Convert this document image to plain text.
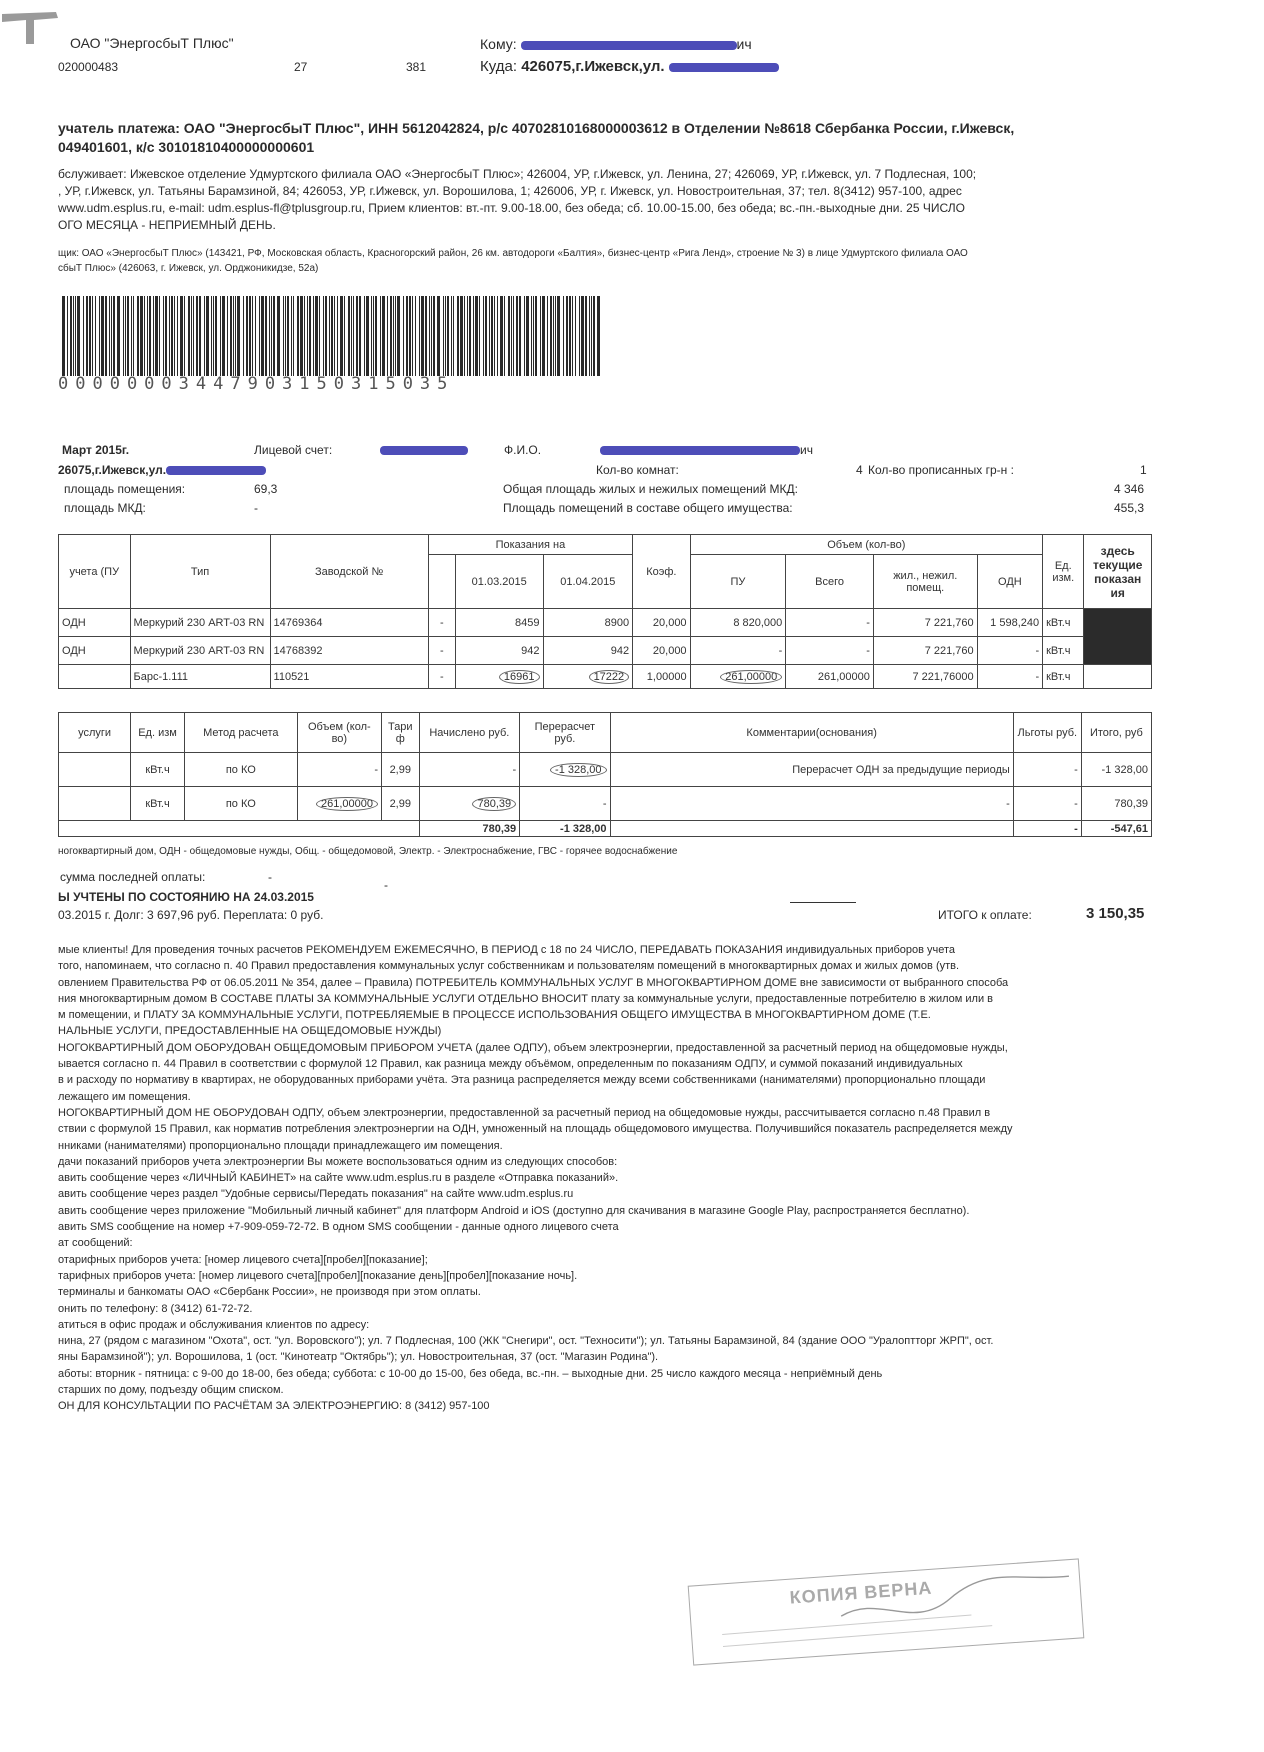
ОАО "ЭнергосбыТ Плюс"
020000483	27	381
Кому:	ич
Куда: 426075,г.Ижевск,ул.
учатель платежа: ОАО "ЭнергосбыТ Плюс", ИНН 5612042824, р/с 40702810168000003612 в Отделении №8618 Сбербанка России, г.Ижевск,
049401601, к/с 30101810400000000601
бслуживает: Ижевское отделение Удмуртского филиала ОАО «ЭнергосбыТ Плюс»; 426004, УР, г.Ижевск, ул. Ленина, 27; 426069, УР, г.Ижевск, ул. 7 Подлесная, 100;
, УР, г.Ижевск, ул. Татьяны Барамзиной, 84; 426053, УР, г.Ижевск, ул. Ворошилова, 1; 426006, УР, г. Ижевск, ул. Новостроительная, 37; тел. 8(3412) 957-100, адрес
www.udm.esplus.ru, e-mail: udm.esplus-fl@tplusgroup.ru, Прием клиентов: вт.-пт. 9.00-18.00, без обеда; сб. 10.00-15.00, без обеда; вс.-пн.-выходные дни. 25 ЧИСЛО
ОГО МЕСЯЦА - НЕПРИЕМНЫЙ ДЕНЬ.
щик: ОАО «ЭнергосбыТ Плюс» (143421, РФ, Московская область, Красногорский район, 26 км. автодороги «Балтия», бизнес-центр «Рига Ленд», строение № 3) в лице Удмуртского филиала ОАО
сбыТ Плюс» (426063, г. Ижевск, ул. Орджоникидзе, 52а)
00000003447903150315035
Март 2015г.	Лицевой счет:	Ф.И.О.	ич
26075,г.Ижевск,ул.	Кол-во комнат:	4 Кол-во прописанных гр-н :	1
площадь помещения:	69,3	Общая площадь жилых и нежилых помещений МКД:	4 346
площадь МКД:	-	Площадь помещений в составе общего имущества:	455,3
учета (ПУ	Тип	Заводской №	Показания на			Коэф.	Объем (кол-во)				Ед. изм.	здесь текущие показан ия
				01.03.2015	01.04.2015		ПУ	Всего	жил., нежил. помещ.	ОДН		
ОДН	Меркурий 230 ART-03 RN	14769364	-	8459	8900	20,000	8 820,000	-	7 221,760	1 598,240	кВт.ч	
ОДН	Меркурий 230 ART-03 RN	14768392	-	942	942	20,000	-	-	7 221,760	-	кВт.ч	
	Барс-1.111	110521	-	16961	17222	1,00000	261,00000	261,00000	7 221,76000	-	кВт.ч	
услуги	Ед. изм	Метод расчета	Объем (кол-во)	Тари ф	Начислено руб.	Перерасчет руб.	Комментарии(основания)	Льготы руб.	Итого, руб
	кВт.ч	по КО	-	2,99	-	-1 328,00	Перерасчет ОДН за предыдущие периоды	-	-1 328,00
	кВт.ч	по КО	261,00000	2,99	780,39	-	-	-	780,39
					780,39	-1 328,00		-	-547,61
ногоквартирный дом, ОДН - общедомовые нужды, Общ. - общедомовой, Электр. - Электроснабжение, ГВС - горячее водоснабжение
сумма последней оплаты:	-
-
Ы УЧТЕНЫ ПО СОСТОЯНИЮ НА 24.03.2015
03.2015 г. Долг: 3 697,96 руб. Переплата: 0 руб.	ИТОГО к оплате:	3 150,35
мые клиенты! Для проведения точных расчетов РЕКОМЕНДУЕМ ЕЖЕМЕСЯЧНО, В ПЕРИОД с 18 по 24 ЧИСЛО, ПЕРЕДАВАТЬ ПОКАЗАНИЯ индивидуальных приборов учета
того, напоминаем, что согласно п. 40 Правил предоставления коммунальных услуг собственникам и пользователям помещений в многоквартирных домах и жилых домов (утв.
овлением Правительства РФ от 06.05.2011 № 354, далее – Правила) ПОТРЕБИТЕЛЬ КОММУНАЛЬНЫХ УСЛУГ В МНОГОКВАРТИРНОМ ДОМЕ вне зависимости от выбранного способа
ния многоквартирным домом В СОСТАВЕ ПЛАТЫ ЗА КОММУНАЛЬНЫЕ УСЛУГИ ОТДЕЛЬНО ВНОСИТ плату за коммунальные услуги, предоставленные потребителю в жилом или в
м помещении, и ПЛАТУ ЗА КОММУНАЛЬНЫЕ УСЛУГИ, ПОТРЕБЛЯЕМЫЕ В ПРОЦЕССЕ ИСПОЛЬЗОВАНИЯ ОБЩЕГО ИМУЩЕСТВА В МНОГОКВАРТИРНОМ ДОМЕ (Т.Е.
НАЛЬНЫЕ УСЛУГИ, ПРЕДОСТАВЛЕННЫЕ НА ОБЩЕДОМОВЫЕ НУЖДЫ)
НОГОКВАРТИРНЫЙ ДОМ ОБОРУДОВАН ОБЩЕДОМОВЫМ ПРИБОРОМ УЧЕТА (далее ОДПУ), объем электроэнергии, предоставленной за расчетный период на общедомовые нужды,
ывается согласно п. 44 Правил в соответствии с формулой 12 Правил, как разница между объёмом, определенным по показаниям ОДПУ, и суммой показаний индивидуальных
в и расходу по нормативу в квартирах, не оборудованных приборами учёта. Эта разница распределяется между всеми собственниками (нанимателями) пропорционально площади
лежащего им помещения.
НОГОКВАРТИРНЫЙ ДОМ НЕ ОБОРУДОВАН ОДПУ, объем электроэнергии, предоставленной за расчетный период на общедомовые нужды, рассчитывается согласно п.48 Правил в
ствии с формулой 15 Правил, как норматив потребления электроэнергии на ОДН, умноженный на площадь общедомового имущества. Получившийся показатель распределяется между
нниками (нанимателями) пропорционально площади принадлежащего им помещения.
дачи показаний приборов учета электроэнергии Вы можете воспользоваться одним из следующих способов:
авить сообщение через «ЛИЧНЫЙ КАБИНЕТ» на сайте www.udm.esplus.ru в разделе «Отправка показаний».
авить сообщение через раздел "Удобные сервисы/Передать показания" на сайте www.udm.esplus.ru
авить сообщение через приложение "Мобильный личный кабинет" для платформ Android и iOS (доступно для скачивания в магазине Google Play, распространяется бесплатно).
авить SMS сообщение на номер +7-909-059-72-72. В одном SMS сообщении - данные одного лицевого счета
ат сообщений:
отарифных приборов учета: [номер лицевого счета][пробел][показание];
тарифных приборов учета: [номер лицевого счета][пробел][показание день][пробел][показание ночь].
терминалы и банкоматы ОАО «Сбербанк России», не производя при этом оплаты.
онить по телефону: 8 (3412) 61-72-72.
атиться в офис продаж и обслуживания клиентов по адресу:
нина, 27 (рядом с магазином "Охота", ост. "ул. Воровского"); ул. 7 Подлесная, 100 (ЖК "Снегири", ост. "Техносити"); ул. Татьяны Барамзиной, 84 (здание ООО "Уралоптторг ЖРП", ост.
яны Барамзиной"); ул. Ворошилова, 1 (ост. "Кинотеатр "Октябрь"); ул. Новостроительная, 37 (ост. "Магазин Родина").
аботы: вторник - пятница: с 9-00 до 18-00, без обеда; суббота: с 10-00 до 15-00, без обеда, вс.-пн. – выходные дни. 25 число каждого месяца - неприёмный день
старших по дому, подъезду общим списком.
ОН ДЛЯ КОНСУЛЬТАЦИИ ПО РАСЧЁТАМ ЗА ЭЛЕКТРОЭНЕРГИЮ: 8 (3412) 957-100
КОПИЯ ВЕРНА
